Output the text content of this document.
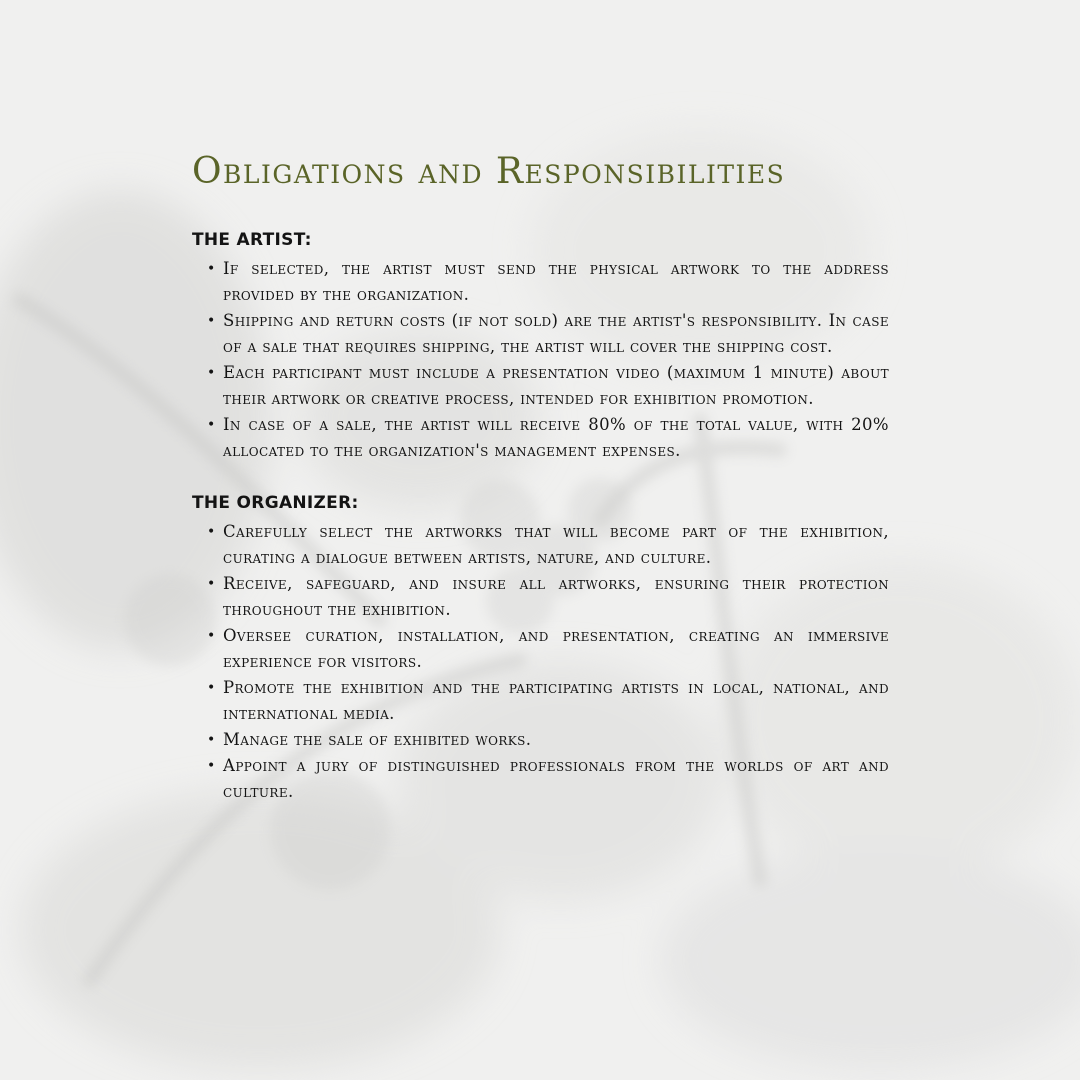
Obligations and Responsibilities
THE ARTIST:
• If selected, the artist must send the physical artwork to the address provided by the organization.
• Shipping and return costs (if not sold) are the artist's responsibility. In case of a sale that requires shipping, the artist will cover the shipping cost.
• Each participant must include a presentation video (maximum 1 minute) about their artwork or creative process, intended for exhibition promotion.
• In case of a sale, the artist will receive 80% of the total value, with 20% allocated to the organization's management expenses.
THE ORGANIZER:
• Carefully select the artworks that will become part of the exhibition, curating a dialogue between artists, nature, and culture.
• Receive, safeguard, and insure all artworks, ensuring their protection throughout the exhibition.
• Oversee curation, installation, and presentation, creating an immersive experience for visitors.
• Promote the exhibition and the participating artists in local, national, and international media.
• Manage the sale of exhibited works.
• Appoint a jury of distinguished professionals from the worlds of art and culture.
